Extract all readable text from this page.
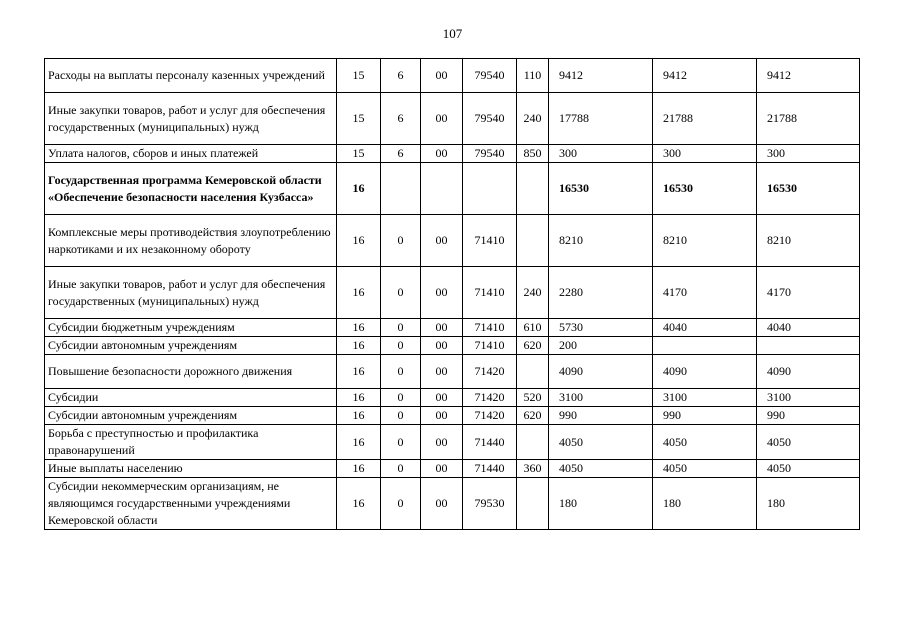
107
Расходы на выплаты персоналу казенных учреждений	15	6	00	79540	110	9412	9412	9412
Иные закупки товаров, работ и услуг для обеспечения государственных (муниципальных) нужд	15	6	00	79540	240	17788	21788	21788
Уплата налогов, сборов и иных платежей	15	6	00	79540	850	300	300	300
Государственная программа Кемеровской области «Обеспечение безопасности населения Кузбасса»	16					16530	16530	16530
Комплексные меры противодействия злоупотреблению наркотиками и их незаконному обороту	16	0	00	71410		8210	8210	8210
Иные закупки товаров, работ и услуг для обеспечения государственных (муниципальных) нужд	16	0	00	71410	240	2280	4170	4170
Субсидии бюджетным учреждениям	16	0	00	71410	610	5730	4040	4040
Субсидии автономным учреждениям	16	0	00	71410	620	200		
Повышение безопасности дорожного движения	16	0	00	71420		4090	4090	4090
Субсидии	16	0	00	71420	520	3100	3100	3100
Субсидии автономным учреждениям	16	0	00	71420	620	990	990	990
Борьба с преступностью и профилактика правонарушений	16	0	00	71440		4050	4050	4050
Иные выплаты населению	16	0	00	71440	360	4050	4050	4050
Субсидии некоммерческим организациям, не являющимся государственными учреждениями Кемеровской области	16	0	00	79530		180	180	180
